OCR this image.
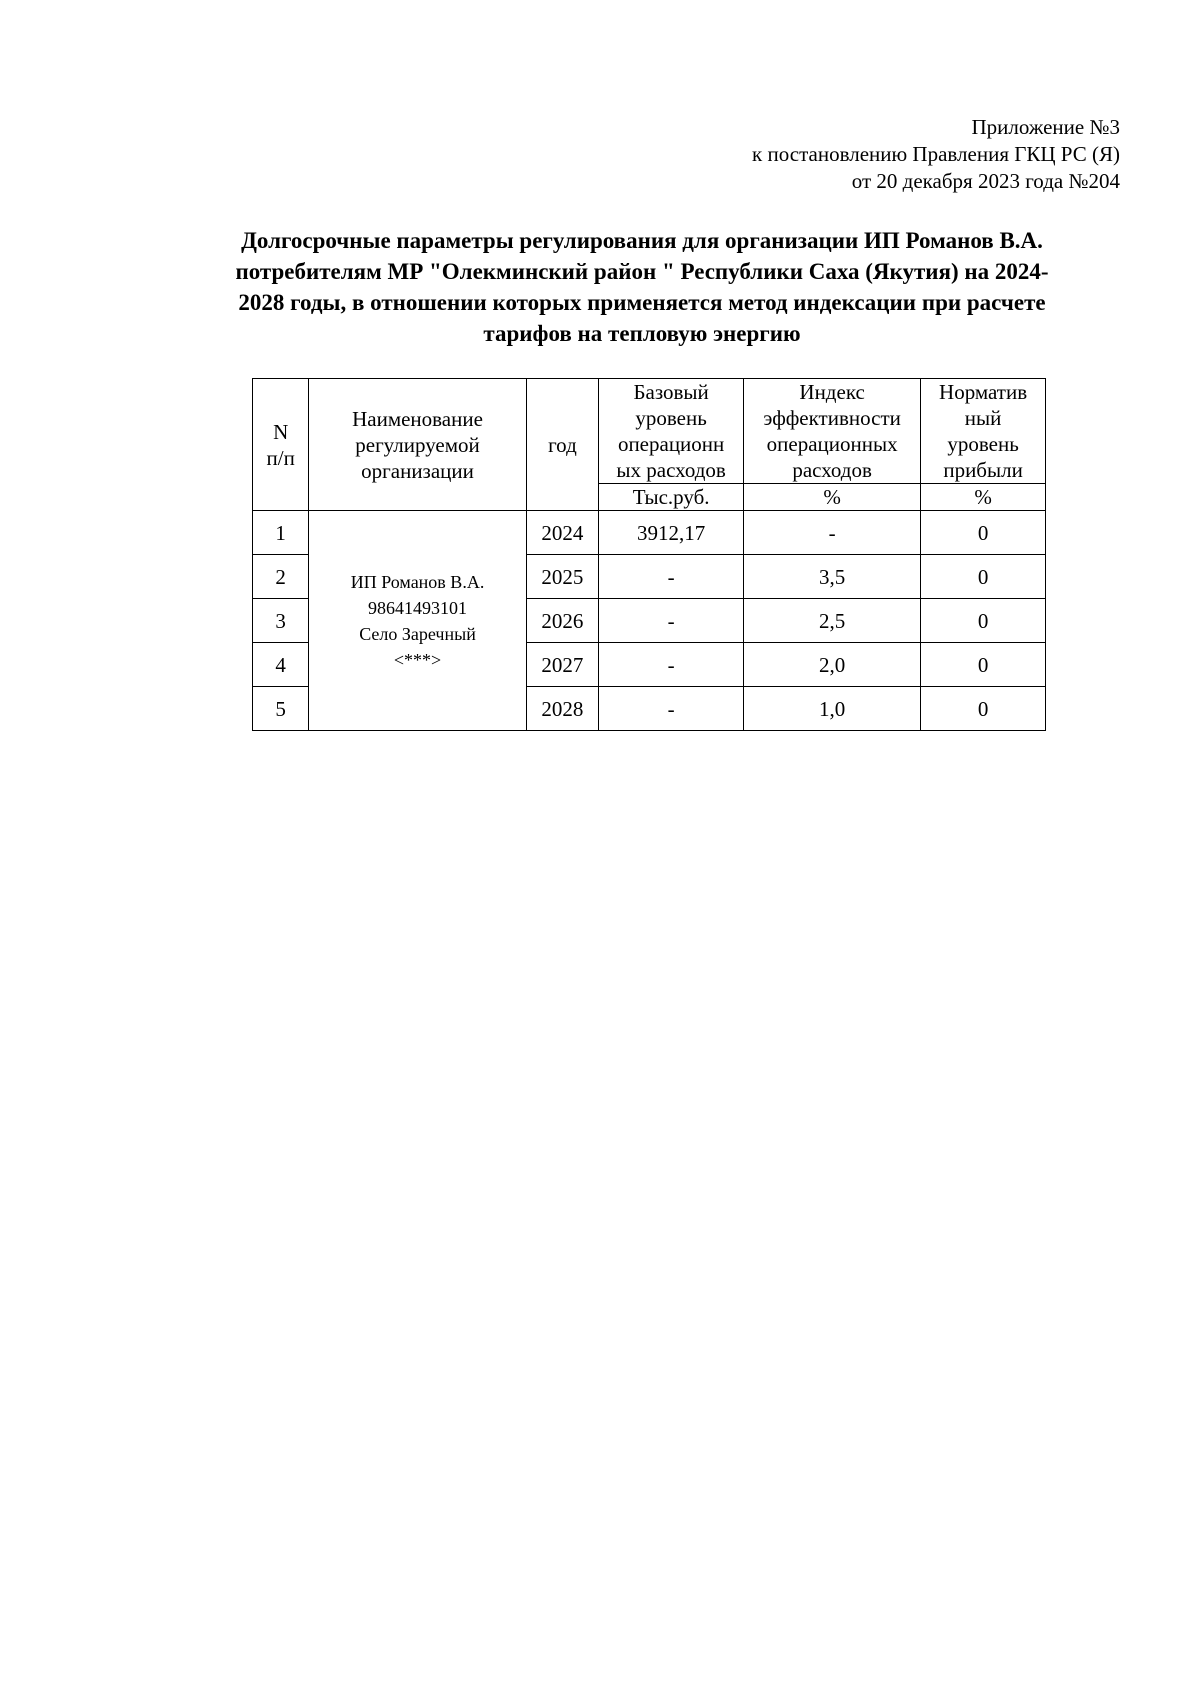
Приложение №3
к постановлению Правления ГКЦ РС (Я)
от 20 декабря 2023 года №204
Долгосрочные параметры регулирования для организации ИП Романов В.А.
потребителям МР "Олекминский район " Республики Саха (Якутия) на 2024-
2028 годы, в отношении которых применяется метод индексации при расчете
тарифов на тепловую энергию
N
п/п	Наименование
регулируемой
организации	год	Базовый
уровень
операционн
ых расходов	Индекс
эффективности
операционных
расходов	Норматив
ный
уровень
прибыли
			Тыс.руб.	%	%
1	ИП Романов В.А.
98641493101
Село Заречный
<***>	2024	3912,17	-	0
2		2025	-	3,5	0
3		2026	-	2,5	0
4		2027	-	2,0	0
5		2028	-	1,0	0
